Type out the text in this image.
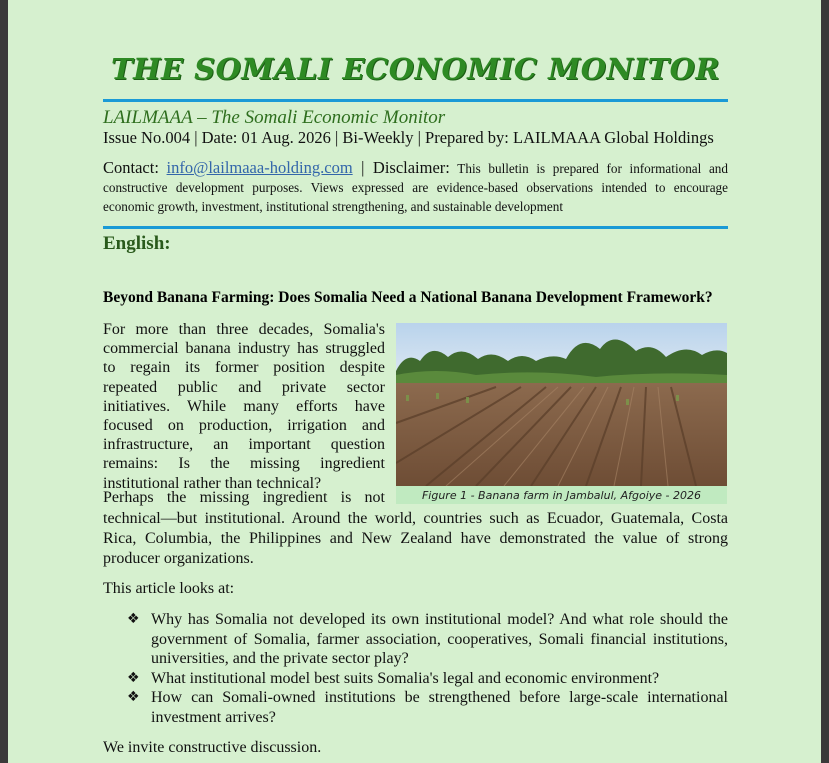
THE SOMALI ECONOMIC MONITOR
LAILMAAA – The Somali Economic Monitor
Issue No.004 | Date: 01 Aug. 2026 | Bi-Weekly | Prepared by: LAILMAAA Global Holdings
Contact: info@lailmaaa-holding.com | Disclaimer: This bulletin is prepared for informational and constructive development purposes. Views expressed are evidence-based observations intended to encourage economic growth, investment, institutional strengthening, and sustainable development
English:
Beyond Banana Farming: Does Somalia Need a National Banana Development Framework?
For more than three decades, Somalia's commercial banana industry has struggled to regain its former position despite repeated public and private sector initiatives. While many efforts have focused on production, irrigation and infrastructure, an important question remains: Is the missing ingredient institutional rather than technical?
Figure 1 - Banana farm in Jambalul, Afgoiye - 2026
Perhaps the missing ingredient is not
technical—but institutional. Around the world, countries such as Ecuador, Guatemala, Costa Rica, Columbia, the Philippines and New Zealand have demonstrated the value of strong producer organizations.
This article looks at:
❖ Why has Somalia not developed its own institutional model? And what role should the government of Somalia, farmer association, cooperatives, Somali financial institutions, universities, and the private sector play?
❖ What institutional model best suits Somalia's legal and economic environment?
❖ How can Somali-owned institutions be strengthened before large-scale international investment arrives?
We invite constructive discussion.
